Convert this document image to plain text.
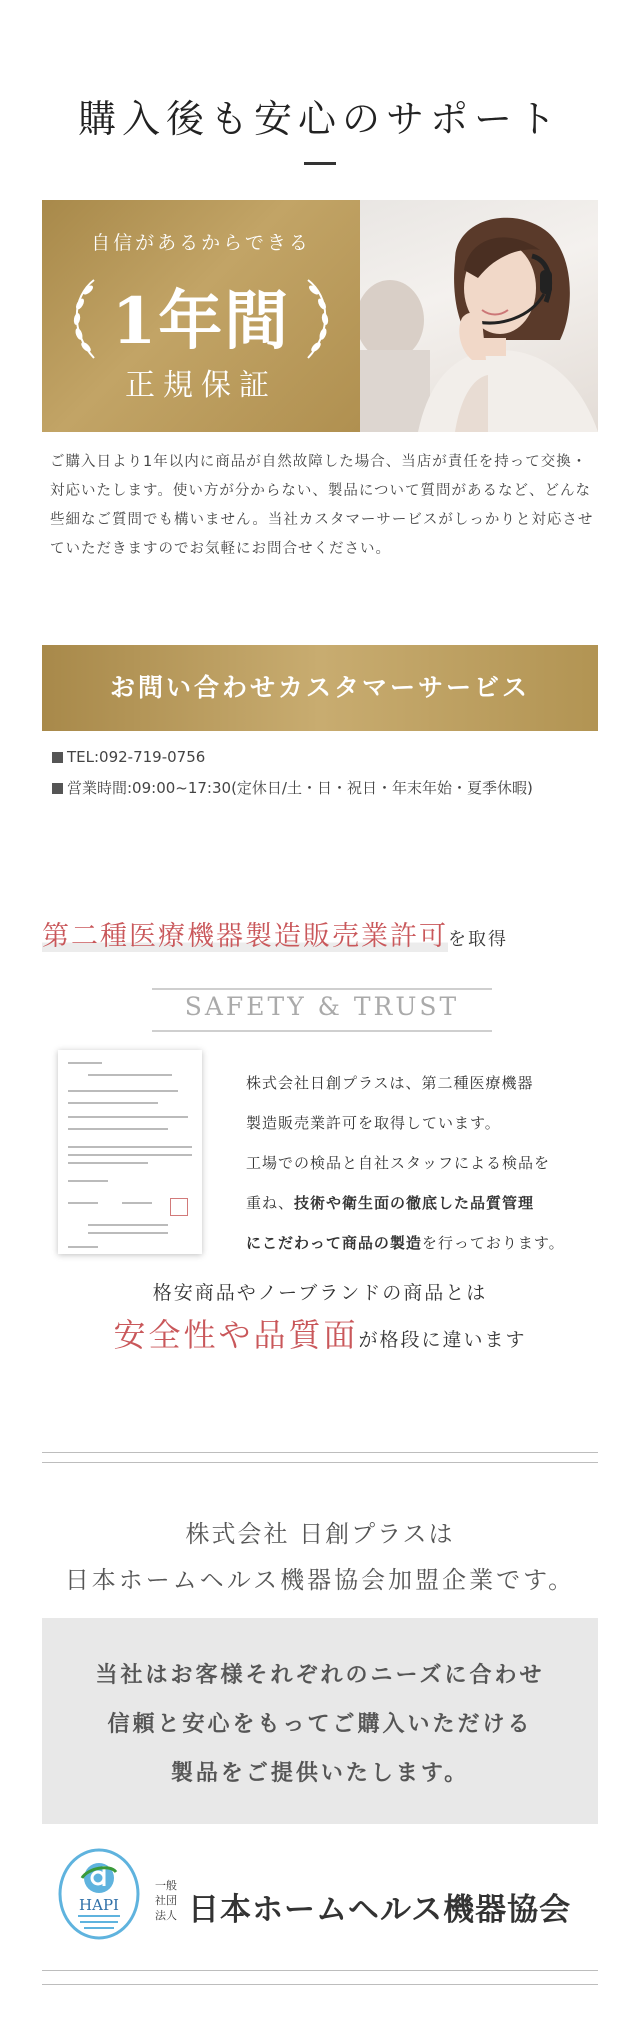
購入後も安心のサポート
自信があるからできる
1年間
正規保証
ご購入日より1年以内に商品が自然故障した場合、当店が責任を持って交換・対応いたします。使い方が分からない、製品について質問があるなど、どんな些細なご質問でも構いません。当社カスタマーサービスがしっかりと対応させていただきますのでお気軽にお問合せください。
お問い合わせカスタマーサービス
TEL:092-719-0756
営業時間:09:00~17:30(定休日/土・日・祝日・年末年始・夏季休暇)
第二種医療機器製造販売業許可を取得
SAFETY & TRUST
株式会社日創プラスは、第二種医療機器
製造販売業許可を取得しています。
工場での検品と自社スタッフによる検品を
重ね、技術や衛生面の徹底した品質管理
にこだわって商品の製造を行っております。
格安商品やノーブランドの商品とは
安全性や品質面が格段に違います
株式会社 日創プラスは
日本ホームヘルス機器協会加盟企業です。
当社はお客様それぞれのニーズに合わせ
信頼と安心をもってご購入いただける
製品をご提供いたします。
HAPI
一般
社団
法人 日本ホームヘルス機器協会
